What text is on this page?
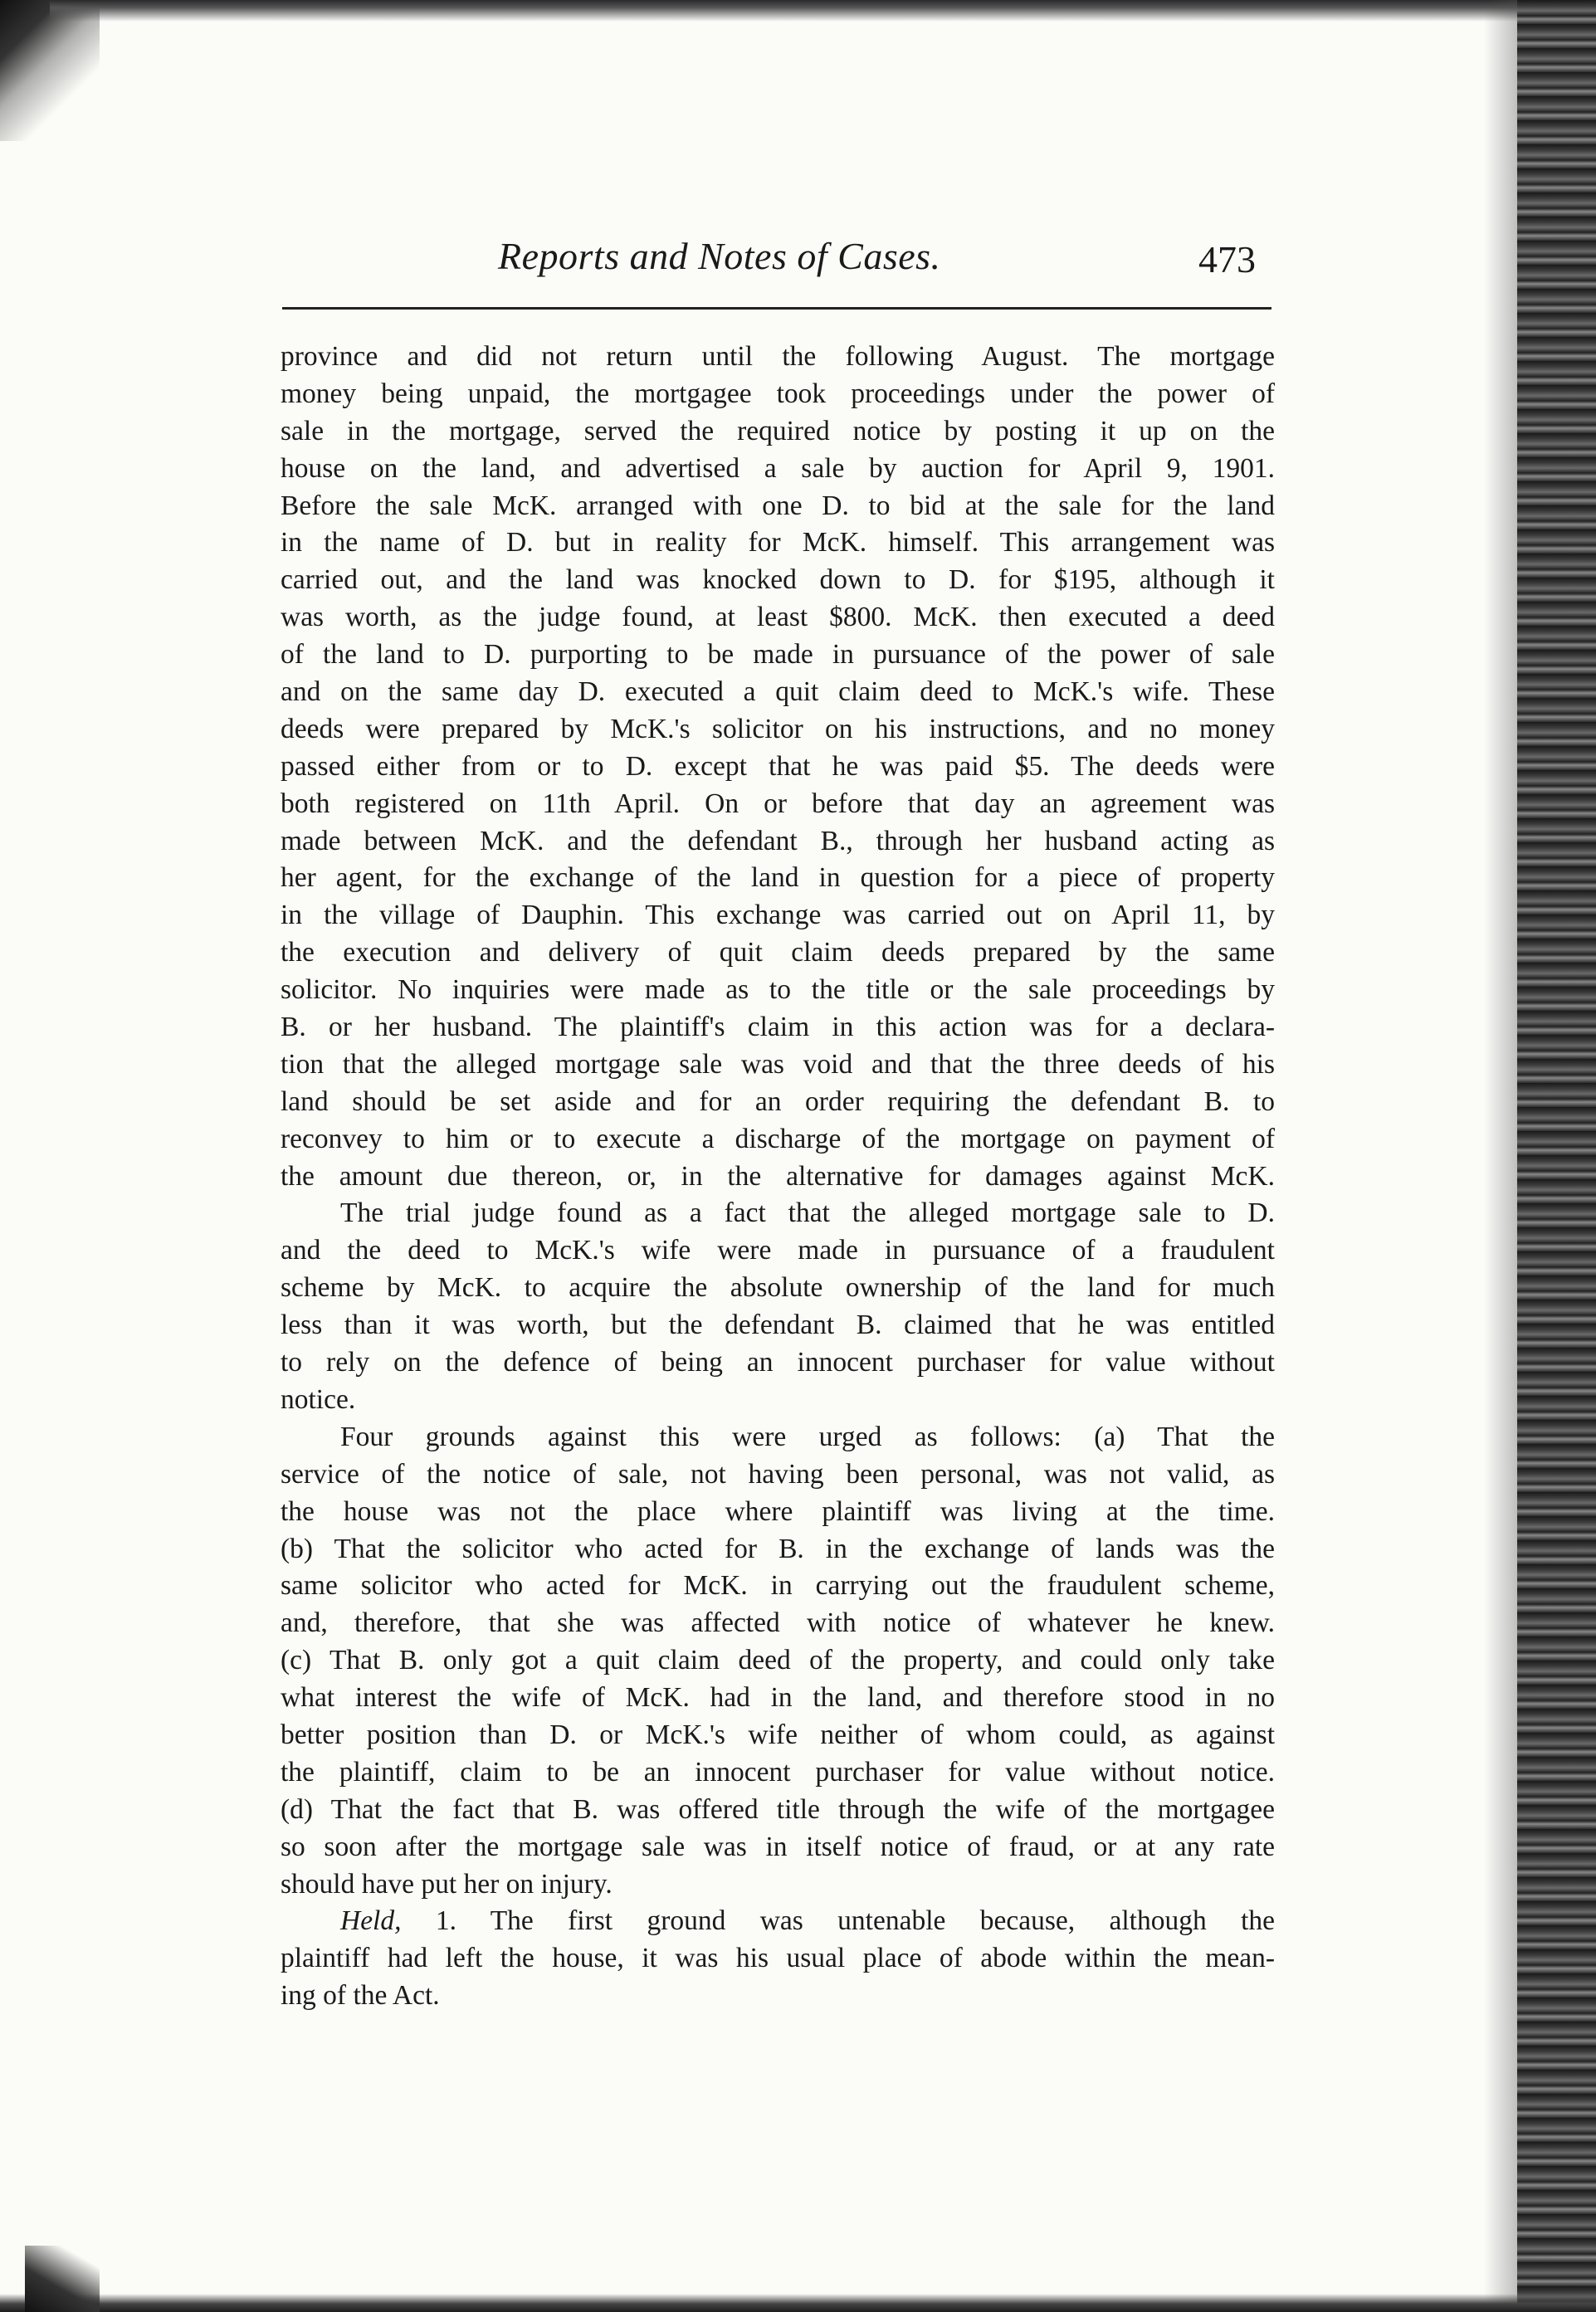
Reports and Notes of Cases.	473
province and did not return until the following August. The mortgage
money being unpaid, the mortgagee took proceedings under the power of
sale in the mortgage, served the required notice by posting it up on the
house on the land, and advertised a sale by auction for April 9, 1901.
Before the sale McK. arranged with one D. to bid at the sale for the land
in the name of D. but in reality for McK. himself. This arrangement was
carried out, and the land was knocked down to D. for $195, although it
was worth, as the judge found, at least $800. McK. then executed a deed
of the land to D. purporting to be made in pursuance of the power of sale
and on the same day D. executed a quit claim deed to McK.'s wife. These
deeds were prepared by McK.'s solicitor on his instructions, and no money
passed either from or to D. except that he was paid $5. The deeds were
both registered on 11th April. On or before that day an agreement was
made between McK. and the defendant B., through her husband acting as
her agent, for the exchange of the land in question for a piece of property
in the village of Dauphin. This exchange was carried out on April 11, by
the execution and delivery of quit claim deeds prepared by the same
solicitor. No inquiries were made as to the title or the sale proceedings by
B. or her husband. The plaintiff's claim in this action was for a declara-
tion that the alleged mortgage sale was void and that the three deeds of his
land should be set aside and for an order requiring the defendant B. to
reconvey to him or to execute a discharge of the mortgage on payment of
the amount due thereon, or, in the alternative for damages against McK.
The trial judge found as a fact that the alleged mortgage sale to D.
and the deed to McK.'s wife were made in pursuance of a fraudulent
scheme by McK. to acquire the absolute ownership of the land for much
less than it was worth, but the defendant B. claimed that he was entitled
to rely on the defence of being an innocent purchaser for value without
notice.
Four grounds against this were urged as follows: (a) That the
service of the notice of sale, not having been personal, was not valid, as
the house was not the place where plaintiff was living at the time.
(b) That the solicitor who acted for B. in the exchange of lands was the
same solicitor who acted for McK. in carrying out the fraudulent scheme,
and, therefore, that she was affected with notice of whatever he knew.
(c) That B. only got a quit claim deed of the property, and could only take
what interest the wife of McK. had in the land, and therefore stood in no
better position than D. or McK.'s wife neither of whom could, as against
the plaintiff, claim to be an innocent purchaser for value without notice.
(d) That the fact that B. was offered title through the wife of the mortgagee
so soon after the mortgage sale was in itself notice of fraud, or at any rate
should have put her on injury.
Held, 1. The first ground was untenable because, although the
plaintiff had left the house, it was his usual place of abode within the mean-
ing of the Act.
